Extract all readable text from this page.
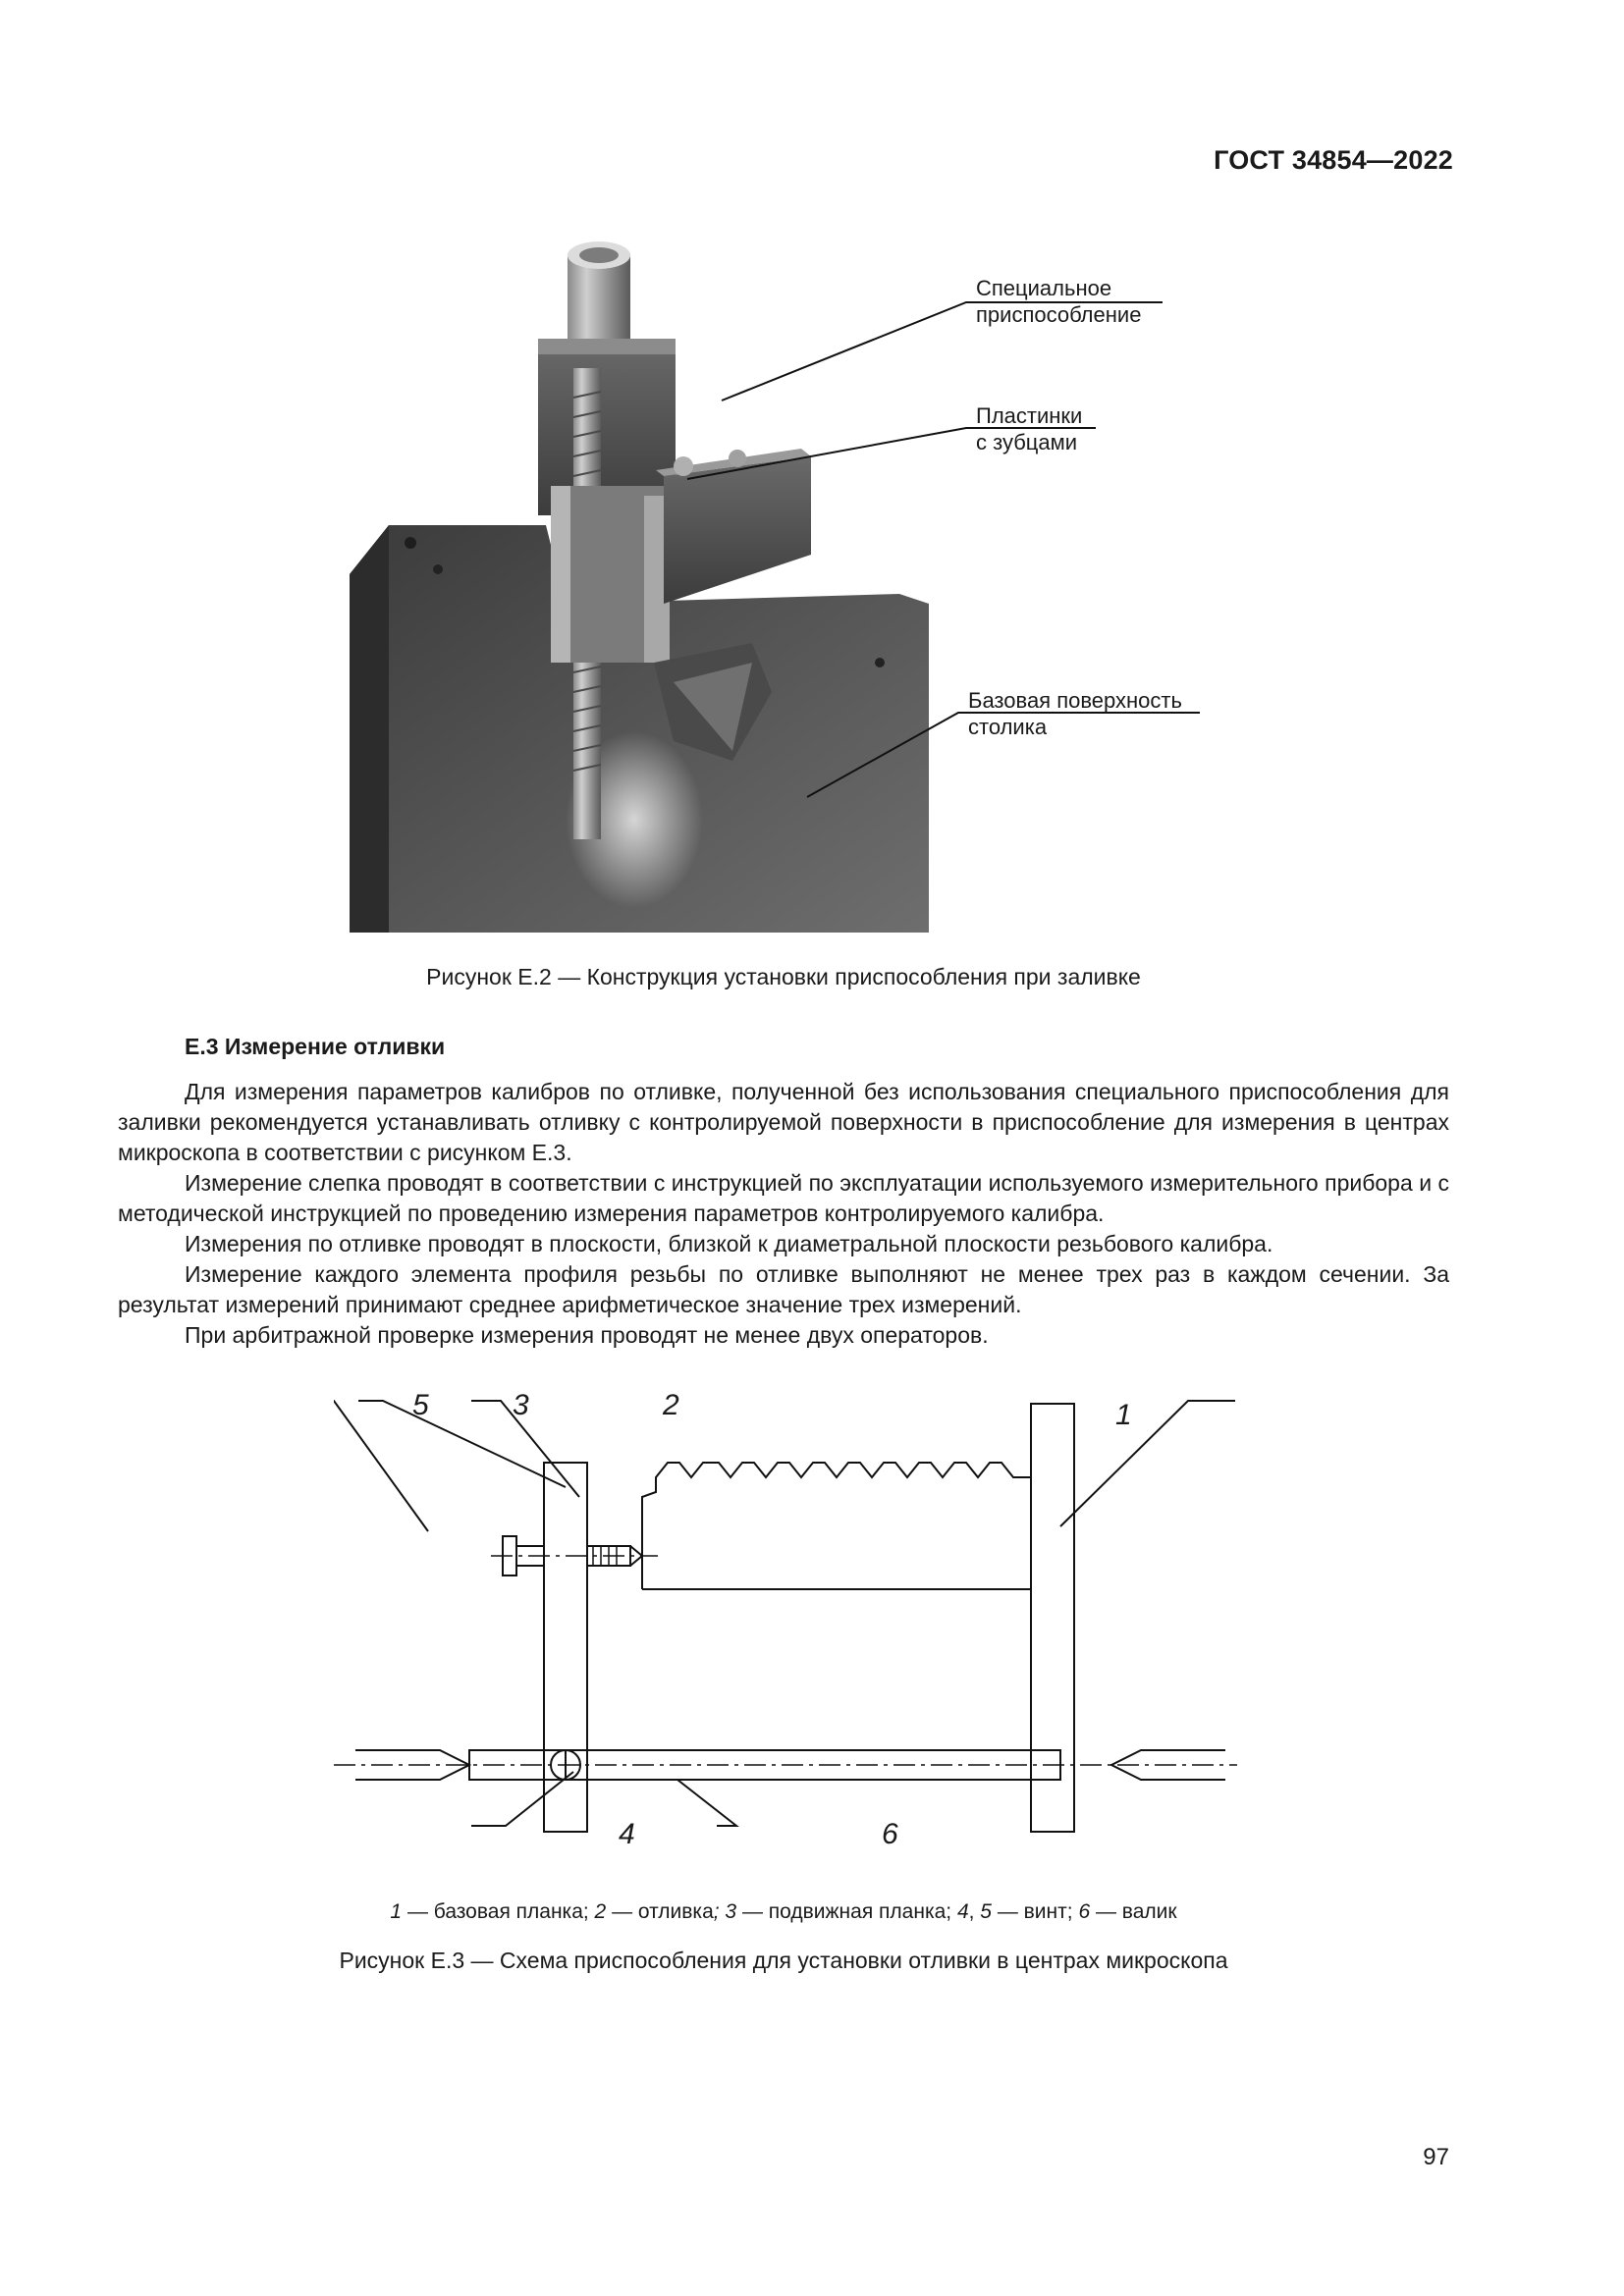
ГОСТ 34854—2022
Специальное
приспособление
Пластинки
с зубцами
Базовая поверхность
столика
Рисунок Е.2 — Конструкция установки приспособления при заливке
Е.3 Измерение отливки

Для измерения параметров калибров по отливке, полученной без использования специального приспособления для заливки рекомендуется устанавливать отливку с контролируемой поверхности в приспособление для измерения в центрах микроскопа в соответствии с рисунком Е.3.

Измерение слепка проводят в соответствии с инструкцией по эксплуатации используемого измерительного прибора и с методической инструкцией по проведению измерения параметров контролируемого калибра.

Измерения по отливке проводят в плоскости, близкой к диаметральной плоскости резьбового калибра.

Измерение каждого элемента профиля резьбы по отливке выполняют не менее трех раз в каждом сечении. За результат измерений принимают среднее арифметическое значение трех измерений.

При арбитражной проверке измерения проводят не менее двух операторов.

5	3	2	1
4	6
1 — базовая планка; 2 — отливка; 3 — подвижная планка; 4, 5 — винт; 6 — валик
Рисунок Е.3 — Схема приспособления для установки отливки в центрах микроскопа
97
